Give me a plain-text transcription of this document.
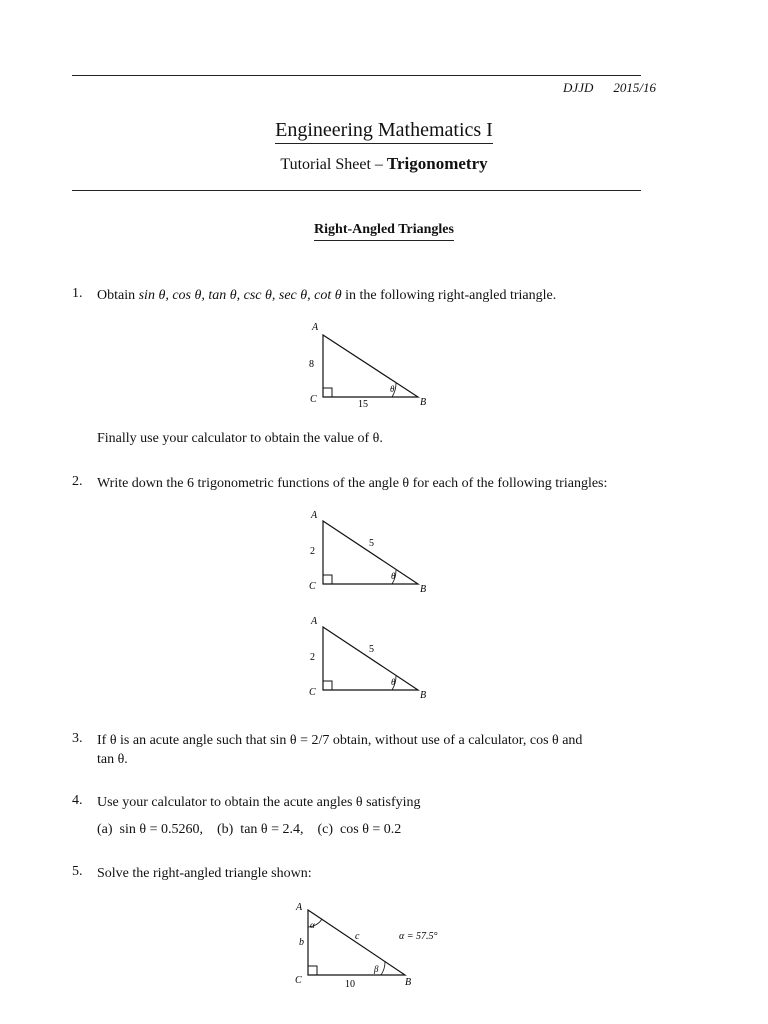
DJJD 2015/16
Engineering Mathematics I
Tutorial Sheet – Trigonometry
Right-Angled Triangles
1. Obtain sin θ, cos θ, tan θ, csc θ, sec θ, cot θ in the following right-angled triangle.
A
C	B
8
15
θ
Finally use your calculator to obtain the value of θ.
2. Write down the 6 trigonometric functions of the angle θ for each of the following triangles:
A
C	B
2
5
θ
A
C	B
2
5
θ
3. If θ is an acute angle such that sin θ = 2/7 obtain, without use of a calculator, cos θ and
tan θ.
4. Use your calculator to obtain the acute angles θ satisfying
(a)  sin θ = 0.5260,    (b)  tan θ = 2.4,    (c)  cos θ = 0.2
5. Solve the right-angled triangle shown:
A
C	B
b
c
10
α
β
α = 57.5°
